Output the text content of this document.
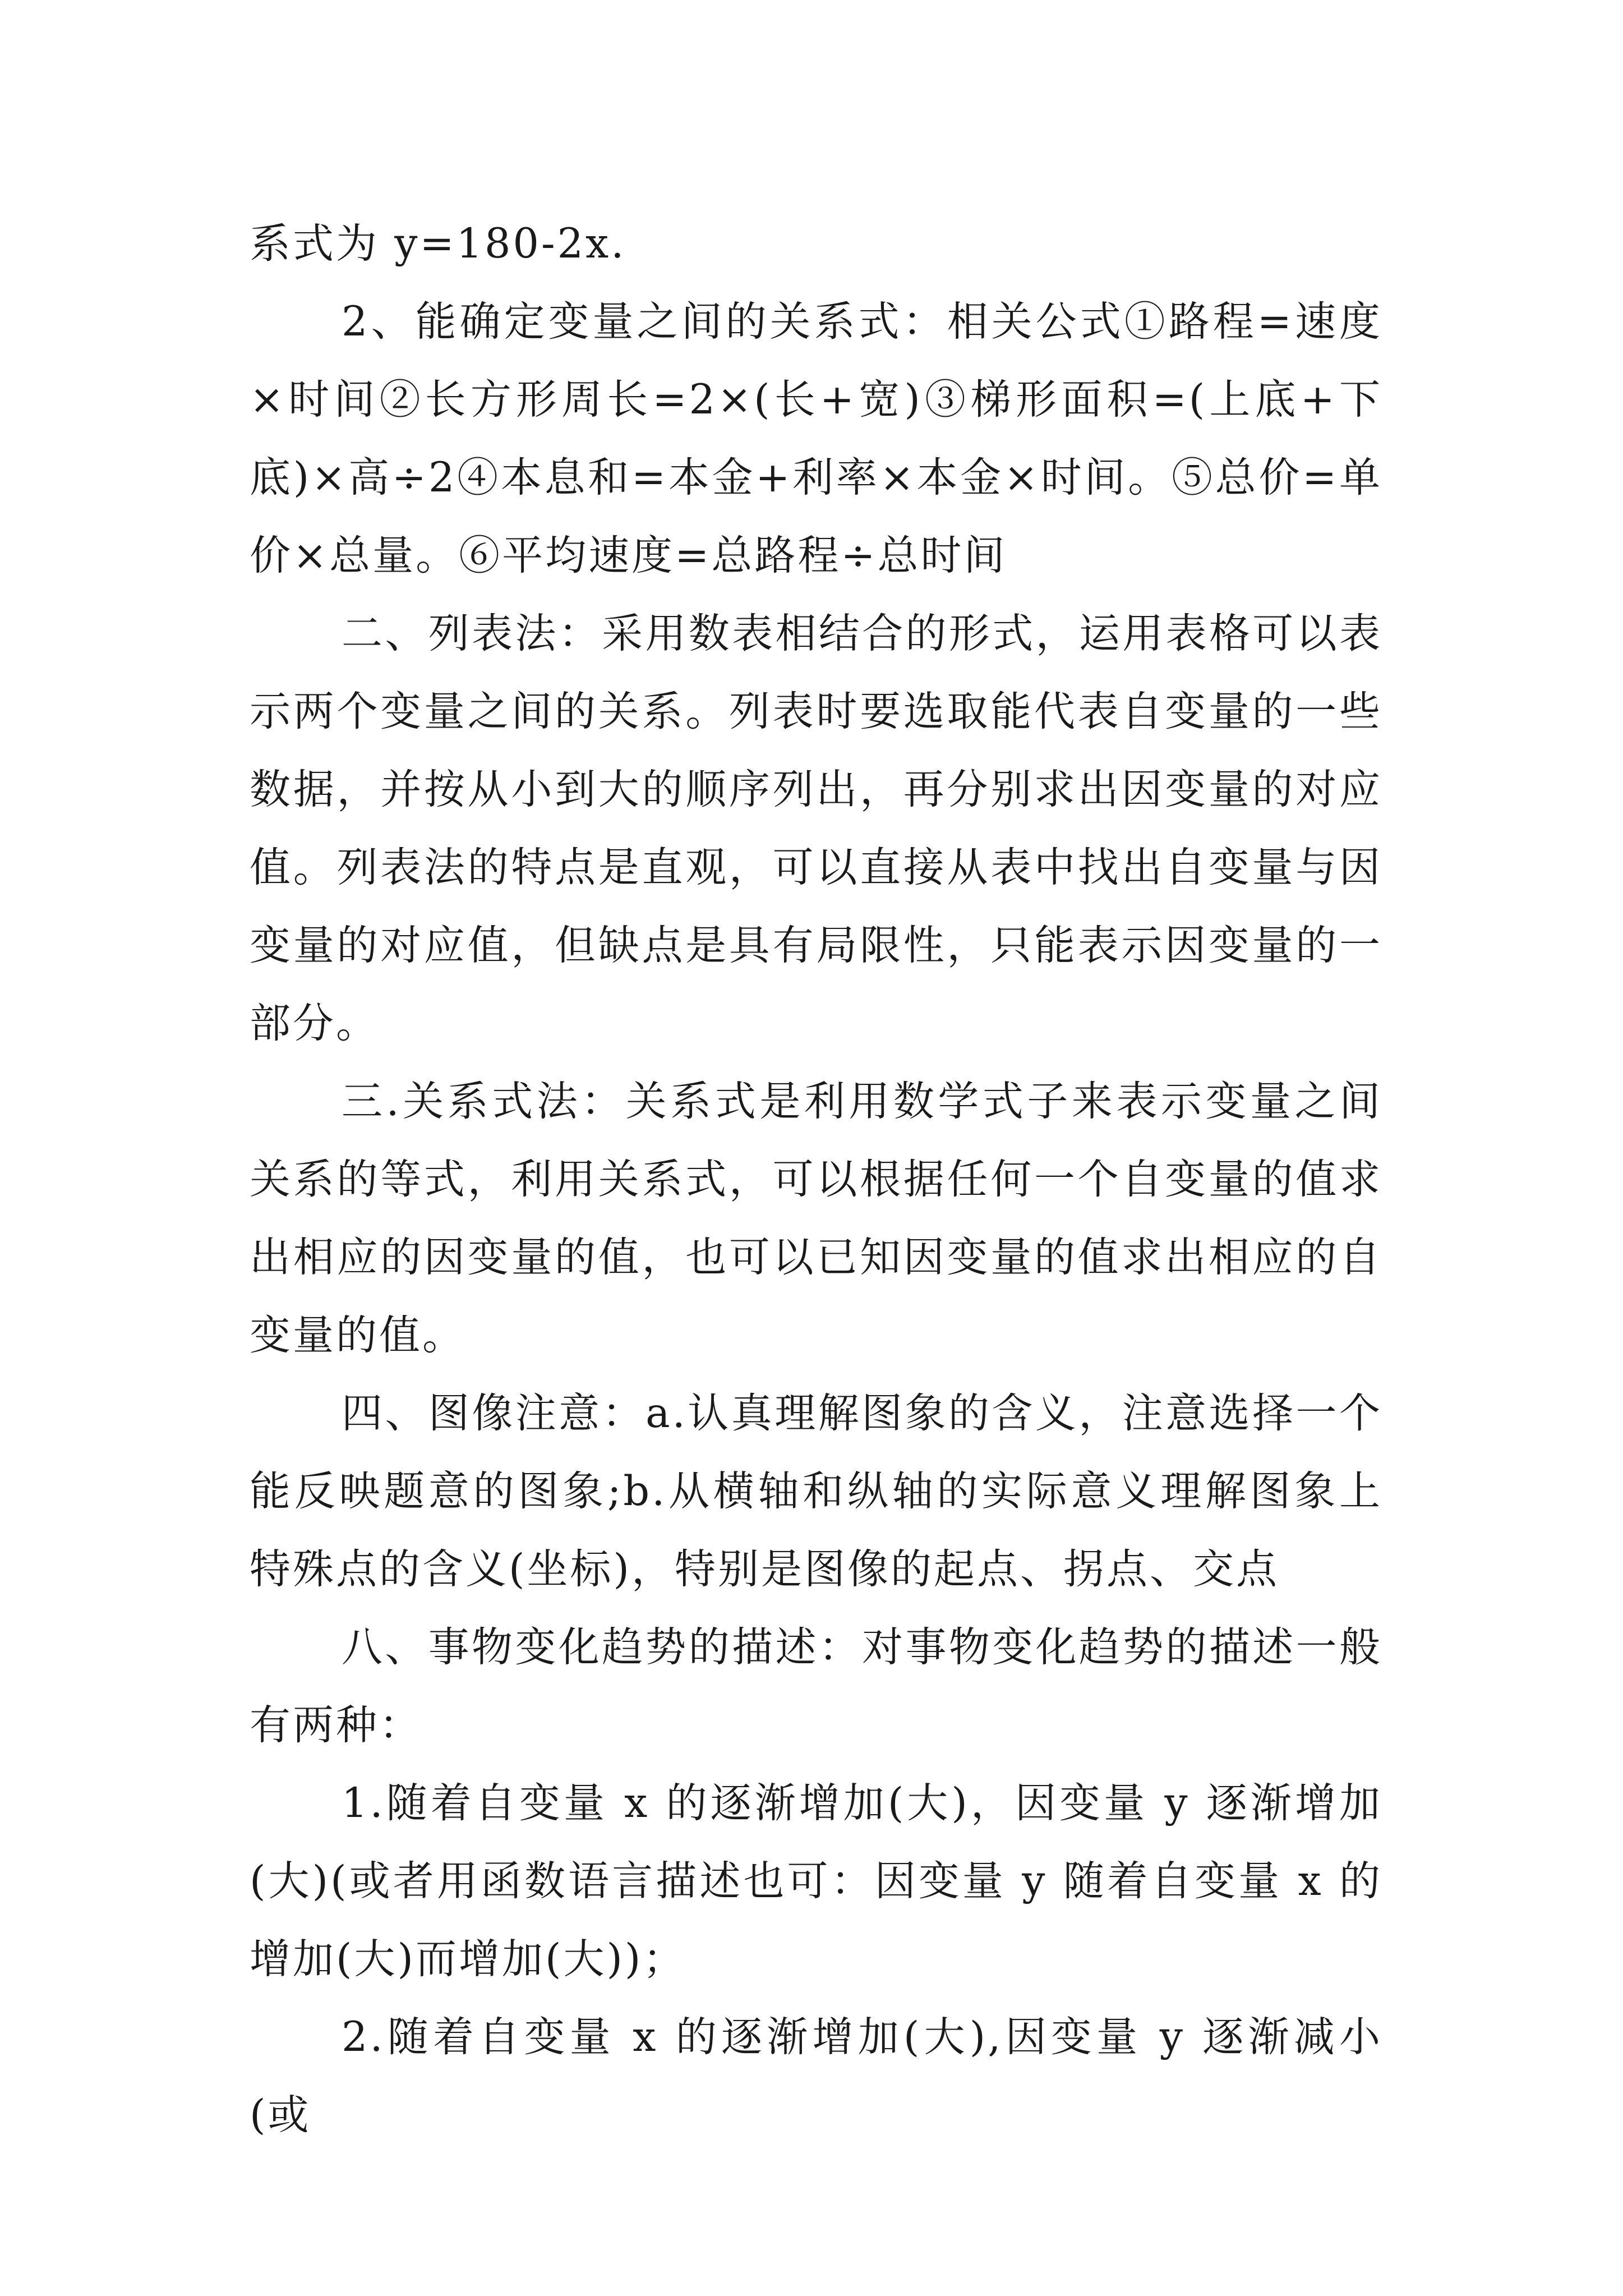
系式为 y=180-2x.

2、能确定变量之间的关系式：相关公式①路程=速度×时间②长方形周长=2×(长+宽)③梯形面积=(上底+下底)×高÷2④本息和=本金+利率×本金×时间。⑤总价=单价×总量。⑥平均速度=总路程÷总时间

二、列表法：采用数表相结合的形式，运用表格可以表示两个变量之间的关系。列表时要选取能代表自变量的一些数据，并按从小到大的顺序列出，再分别求出因变量的对应值。列表法的特点是直观，可以直接从表中找出自变量与因变量的对应值，但缺点是具有局限性，只能表示因变量的一部分。

三.关系式法：关系式是利用数学式子来表示变量之间关系的等式，利用关系式，可以根据任何一个自变量的值求出相应的因变量的值，也可以已知因变量的值求出相应的自变量的值。

四、图像注意：a.认真理解图象的含义，注意选择一个能反映题意的图象;b.从横轴和纵轴的实际意义理解图象上特殊点的含义(坐标)，特别是图像的起点、拐点、交点

八、事物变化趋势的描述：对事物变化趋势的描述一般有两种：

1.随着自变量 x 的逐渐增加(大)，因变量 y 逐渐增加(大)(或者用函数语言描述也可：因变量 y 随着自变量 x 的增加(大)而增加(大))；

2.随着自变量 x 的逐渐增加(大),因变量 y 逐渐减小(或
